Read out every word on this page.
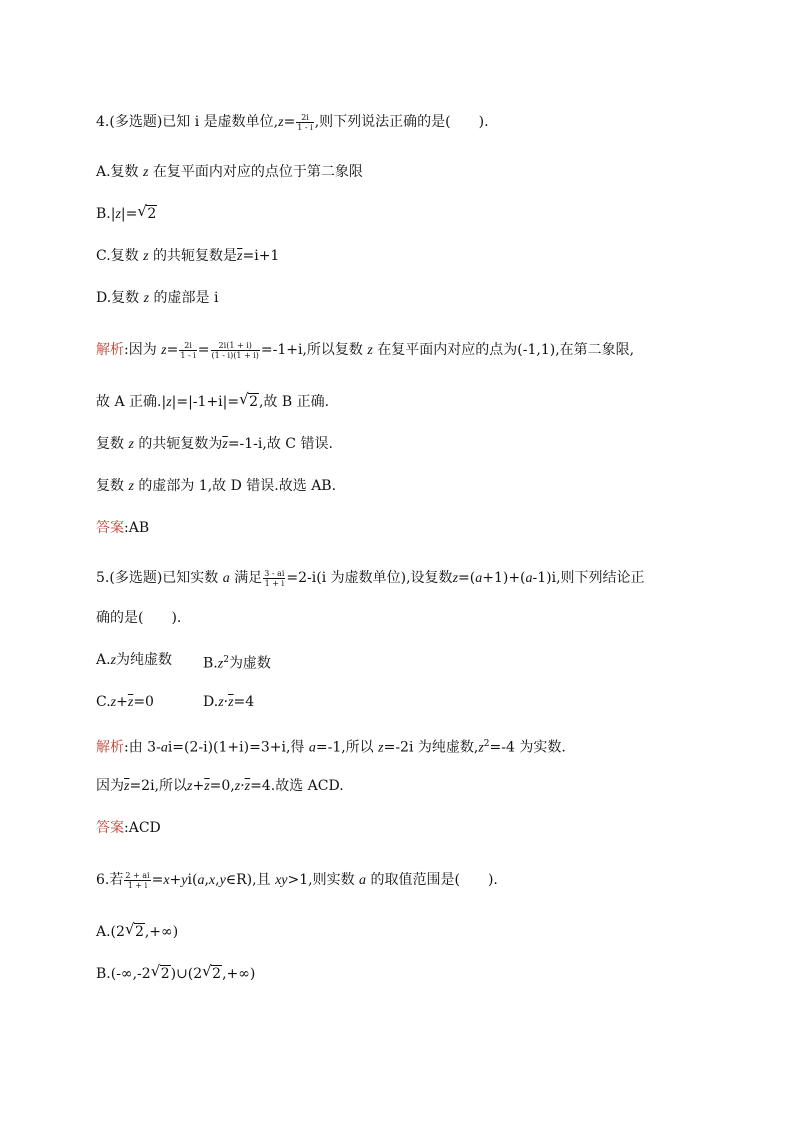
4.(多选题)已知 i 是虚数单位$,z= \frac{2i}{1 - i}$ ,则下列说法正确的是(　　).
A.复数 z 在复平面内对应的点位于第二象限
B.|z|= √ 2
C.复数 z 的共轭复数是$\overline{z}=i+1$
D.复数 z 的虚部是 i
解析:因为 $z= \frac{2i}{1 - i} = \frac{2i(1 + i)}{(1 - i)(1 + i)} =-1+i$,所以复数 z 在复平面内对应的点为(-1,1),在第二象限,
故 A 正确.|z|=|-1+i|= √ 2,故 B 正确.
复数 z 的共轭复数为$\overline{z}=-1-i$,故 C 错误.
复数 z 的虚部为 1,故 D 错误.故选 AB.
答案:AB
5.(多选题)已知实数 a 满足 $\frac{3 - ai}{1 + i} =2-i(i$ 为虚数单位),设复数z=(a+1)+(a-1)i,则下列结论正
确的是(　　).
A.z为纯虚数 $B.z^2$为虚数
$C.z+\overline{z}=0$	$D.z\cdot\overline{z}=4$
解析:由 3-ai=(2-i)(1+i)=3+i,得 a=-1,所以 z=-2i 为纯虚数$,z^2=-4$ 为实数.
因为$\overline{z}=2i$,所以$z+\overline{z}=0,z\cdot\overline{z}=4$.故选 ACD.
答案:ACD
6.若 $\frac{2 + ai}{1 + i}$ =x+yi(a,x,y∈R),且 xy>1,则实数 a 的取值范围是(　　).
A.(2 √ 2,+∞)
B.(-∞,-2 √ 2)∪(2 √ 2,+∞)
